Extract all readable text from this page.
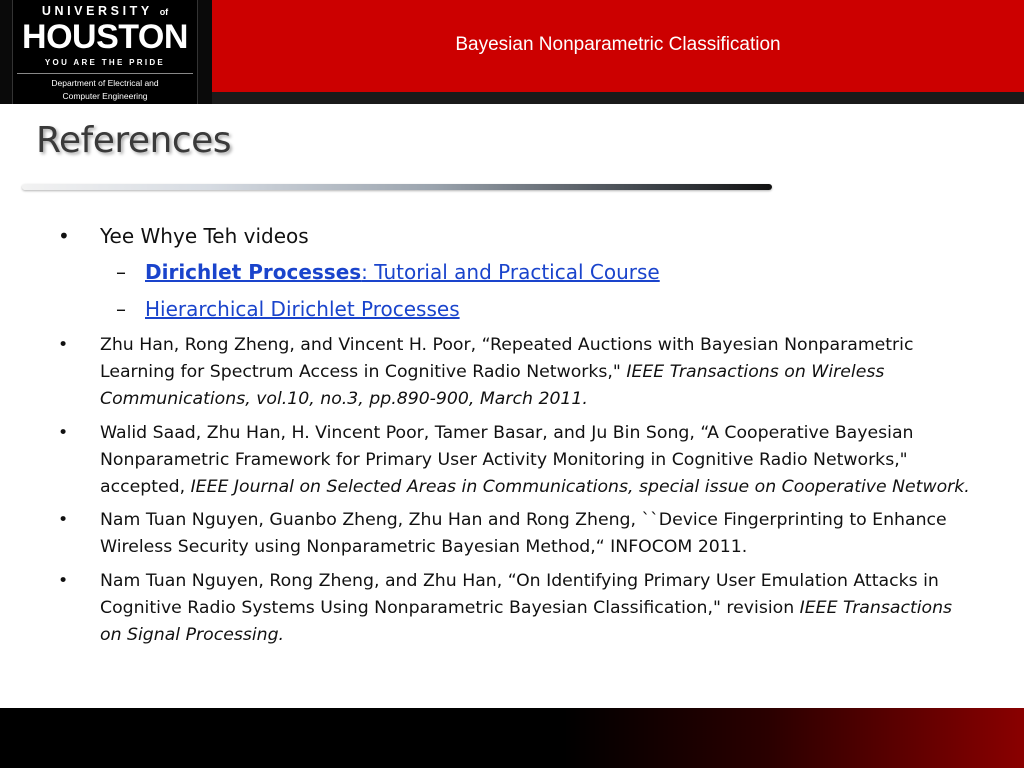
UNIVERSITY of
HOUSTON
YOU ARE THE PRIDE
Department of Electrical and
Computer Engineering
Bayesian Nonparametric Classification
References
• Yee Whye Teh videos
– Dirichlet Processes: Tutorial and Practical Course
– Hierarchical Dirichlet Processes
• Zhu Han, Rong Zheng, and Vincent H. Poor, “Repeated Auctions with Bayesian Nonparametric Learning for Spectrum Access in Cognitive Radio Networks," IEEE Transactions on Wireless Communications, vol.10, no.3, pp.890-900, March 2011.
• Walid Saad, Zhu Han, H. Vincent Poor, Tamer Basar, and Ju Bin Song, “A Cooperative Bayesian Nonparametric Framework for Primary User Activity Monitoring in Cognitive Radio Networks," accepted, IEEE Journal on Selected Areas in Communications, special issue on Cooperative Network.
• Nam Tuan Nguyen, Guanbo Zheng, Zhu Han and Rong Zheng, ``Device Fingerprinting to Enhance Wireless Security using Nonparametric Bayesian Method,“ INFOCOM 2011.
• Nam Tuan Nguyen, Rong Zheng, and Zhu Han, “On Identifying Primary User Emulation Attacks in Cognitive Radio Systems Using Nonparametric Bayesian Classification," revision IEEE Transactions on Signal Processing.
